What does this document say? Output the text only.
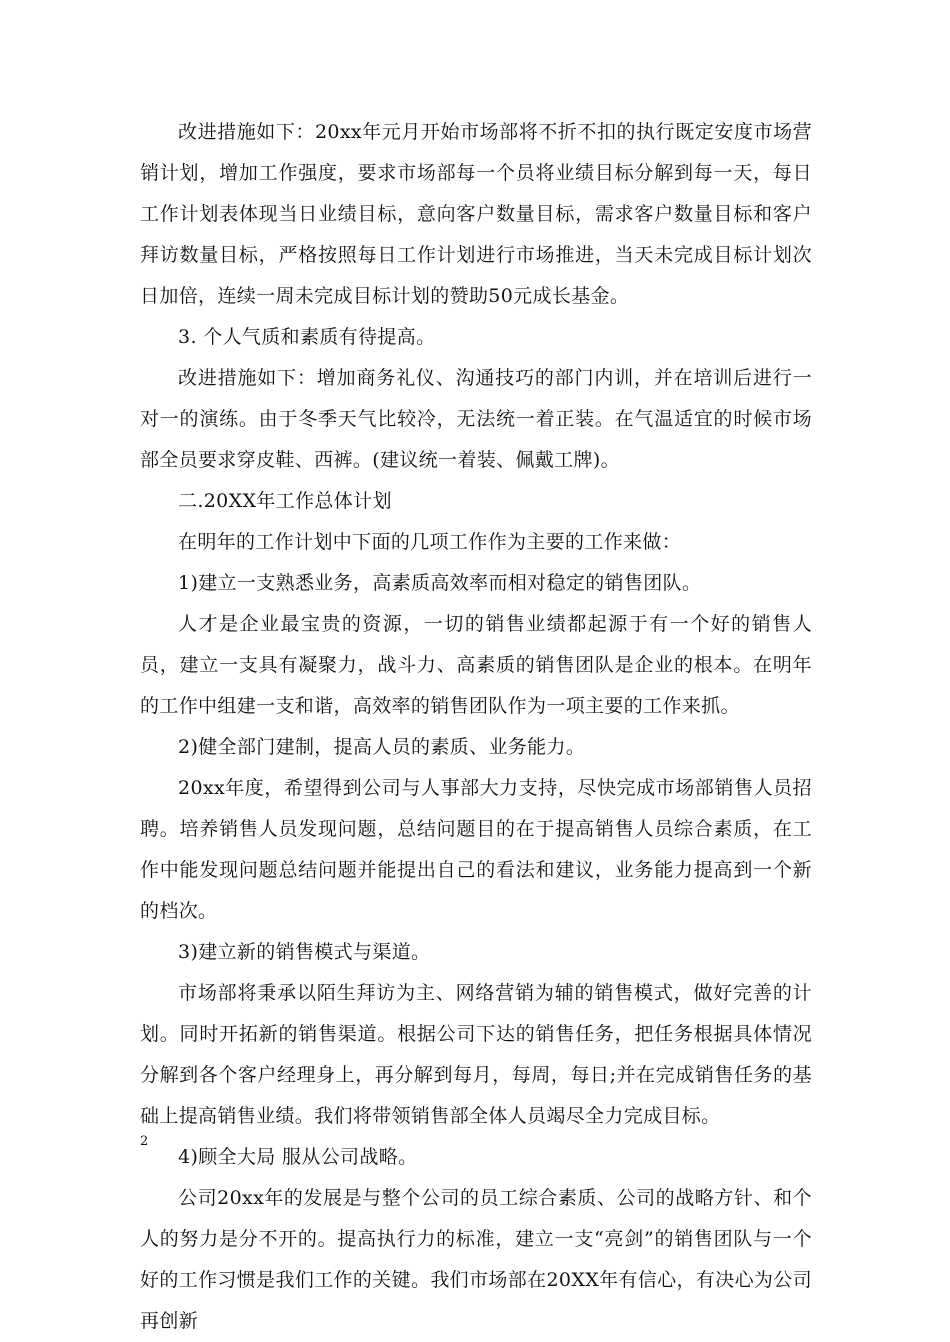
改进措施如下：20xx年元月开始市场部将不折不扣的执行既定安度市场营销计划，增加工作强度，要求市场部每一个员将业绩目标分解到每一天，每日工作计划表体现当日业绩目标，意向客户数量目标，需求客户数量目标和客户拜访数量目标，严格按照每日工作计划进行市场推进，当天未完成目标计划次日加倍，连续一周未完成目标计划的赞助50元成长基金。

3. 个人气质和素质有待提高。

改进措施如下：增加商务礼仪、沟通技巧的部门内训，并在培训后进行一对一的演练。由于冬季天气比较冷，无法统一着正装。在气温适宜的时候市场部全员要求穿皮鞋、西裤。(建议统一着装、佩戴工牌)。

二.20XX年工作总体计划

在明年的工作计划中下面的几项工作作为主要的工作来做：

1)建立一支熟悉业务，高素质高效率而相对稳定的销售团队。

人才是企业最宝贵的资源，一切的销售业绩都起源于有一个好的销售人员，建立一支具有凝聚力，战斗力、高素质的销售团队是企业的根本。在明年的工作中组建一支和谐，高效率的销售团队作为一项主要的工作来抓。

2)健全部门建制，提高人员的素质、业务能力。

20xx年度，希望得到公司与人事部大力支持，尽快完成市场部销售人员招聘。培养销售人员发现问题，总结问题目的在于提高销售人员综合素质，在工作中能发现问题总结问题并能提出自己的看法和建议，业务能力提高到一个新的档次。

3)建立新的销售模式与渠道。

市场部将秉承以陌生拜访为主、网络营销为辅的销售模式，做好完善的计划。同时开拓新的销售渠道。根据公司下达的销售任务，把任务根据具体情况分解到各个客户经理身上，再分解到每月，每周，每日;并在完成销售任务的基础上提高销售业绩。我们将带领销售部全体人员竭尽全力完成目标。

4)顾全大局 服从公司战略。

公司20xx年的发展是与整个公司的员工综合素质、公司的战略方针、和个人的努力是分不开的。提高执行力的标准，建立一支“亮剑”的销售团队与一个好的工作习惯是我们工作的关键。我们市场部在20XX年有信心，有决心为公司再创新

2
